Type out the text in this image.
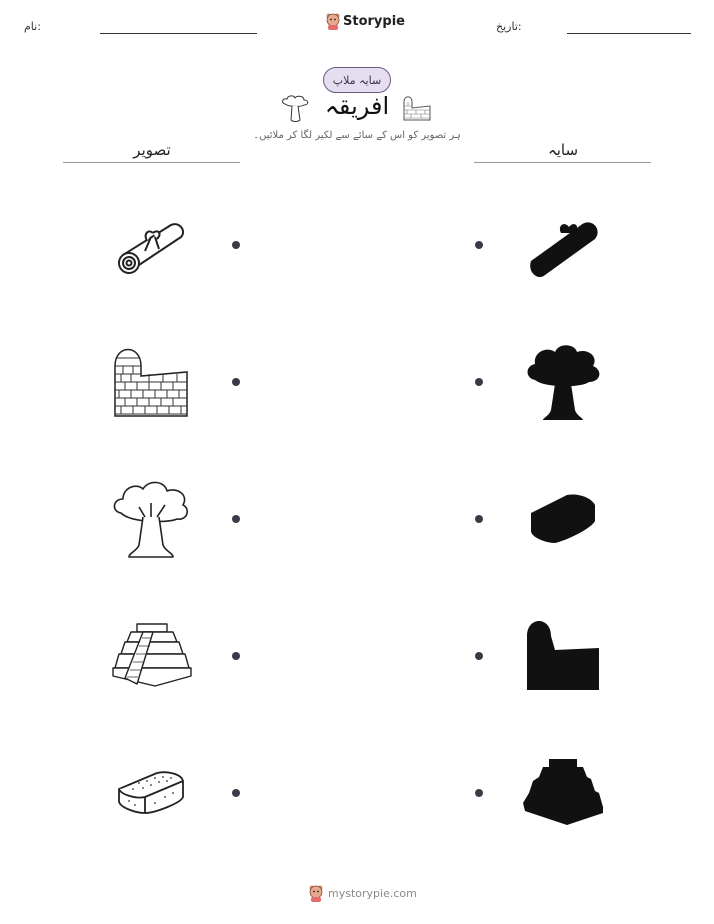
نام:	Storypie	تاریخ:
سایہ ملاپ
افریقہ
ہر تصویر کو اس کے سائے سے لکیر لگا کر ملائیں۔
تصویر	سایہ
mystorypie.com
